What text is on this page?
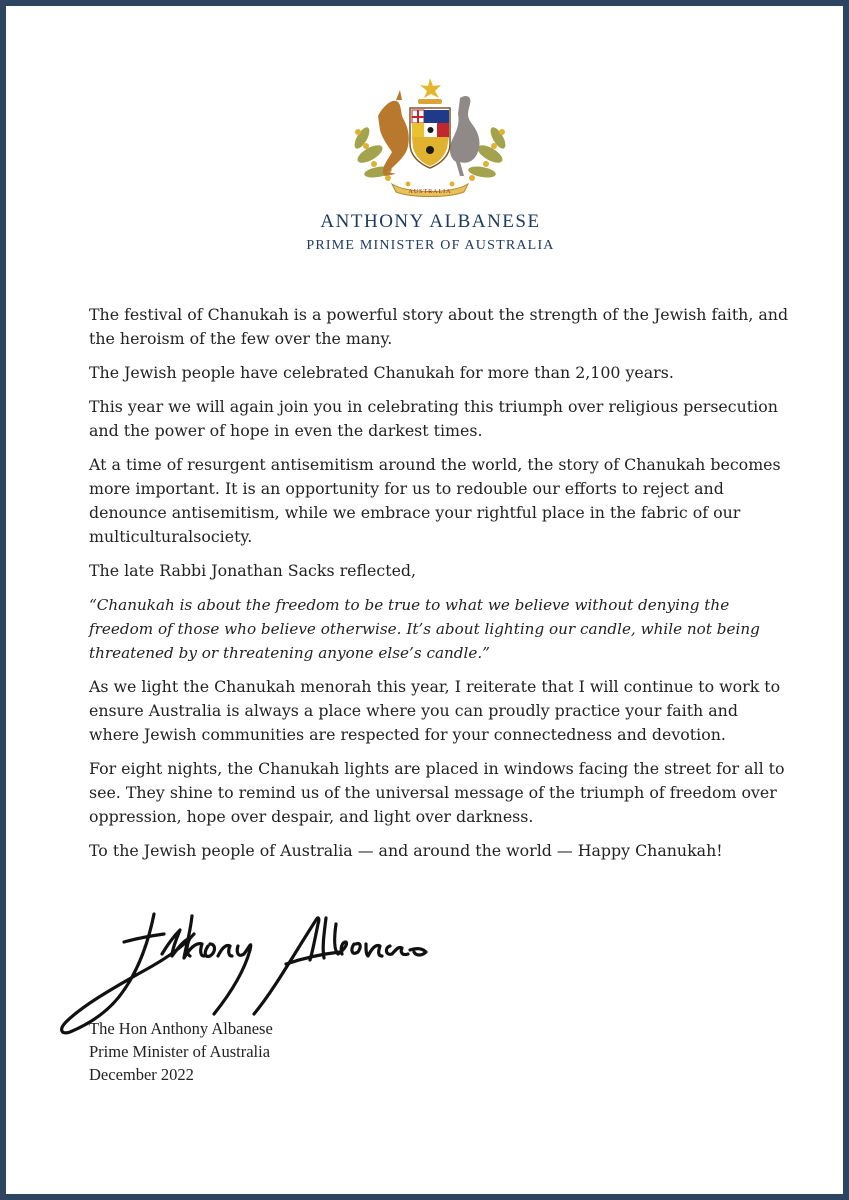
AUSTRALIA
ANTHONY ALBANESE
PRIME MINISTER OF AUSTRALIA

The festival of Chanukah is a powerful story about the strength of the Jewish faith, and the heroism of the few over the many.

The Jewish people have celebrated Chanukah for more than 2,100 years.

This year we will again join you in celebrating this triumph over religious persecution and the power of hope in even the darkest times.

At a time of resurgent antisemitism around the world, the story of Chanukah becomes more important. It is an opportunity for us to redouble our efforts to reject and denounce antisemitism, while we embrace your rightful place in the fabric of our multiculturalsociety.

The late Rabbi Jonathan Sacks reflected,

“Chanukah is about the freedom to be true to what we believe without denying the freedom of those who believe otherwise. It’s about lighting our candle, while not being threatened by or threatening anyone else’s candle.”

As we light the Chanukah menorah this year, I reiterate that I will continue to work to ensure Australia is always a place where you can proudly practice your faith and where Jewish communities are respected for your connectedness and devotion.

For eight nights, the Chanukah lights are placed in windows facing the street for all to see. They shine to remind us of the universal message of the triumph of freedom over oppression, hope over despair, and light over darkness.

To the Jewish people of Australia — and around the world — Happy Chanukah!

The Hon Anthony Albanese
Prime Minister of Australia
December 2022
